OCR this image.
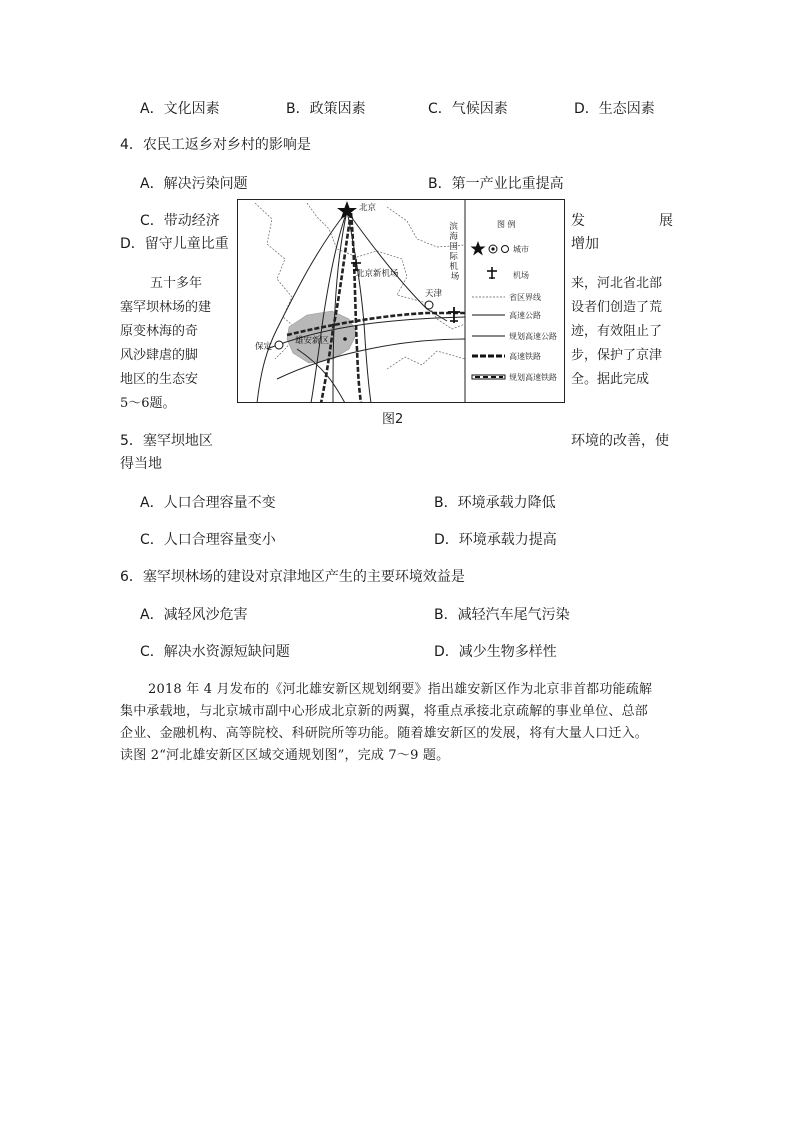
A．文化因素	B．政策因素	C．气候因素	D．生态因素
4．农民工返乡对乡村的影响是
A．解决污染问题	B．第一产业比重提高
C．带动经济	发	展
D．留守儿童比重	增加
五十多年
塞罕坝林场的建
原变林海的奇
风沙肆虐的脚
地区的生态安
5～6题。
来，河北省北部
设者们创造了荒
迹，有效阻止了
步，保护了京津
全。据此完成
北京
北京新机场
天津
滨 海 国 际 机 场
保定
雄安新区
图 例
城市
机场
省区界线
高速公路
规划高速公路
高速铁路
规划高速铁路
图2
5．塞罕坝地区	环境的改善，使
得当地
A．人口合理容量不变	B．环境承载力降低
C．人口合理容量变小	D．环境承载力提高
6．塞罕坝林场的建设对京津地区产生的主要环境效益是
A．减轻风沙危害	B．减轻汽车尾气污染
C．解决水资源短缺问题	D．减少生物多样性
2018 年 4 月发布的《河北雄安新区规划纲要》指出雄安新区作为北京非首都功能疏解
集中承载地，与北京城市副中心形成北京新的两翼，将重点承接北京疏解的事业单位、总部
企业、金融机构、高等院校、科研院所等功能。随着雄安新区的发展，将有大量人口迁入。
读图 2“河北雄安新区区域交通规划图”，完成 7～9 题。
